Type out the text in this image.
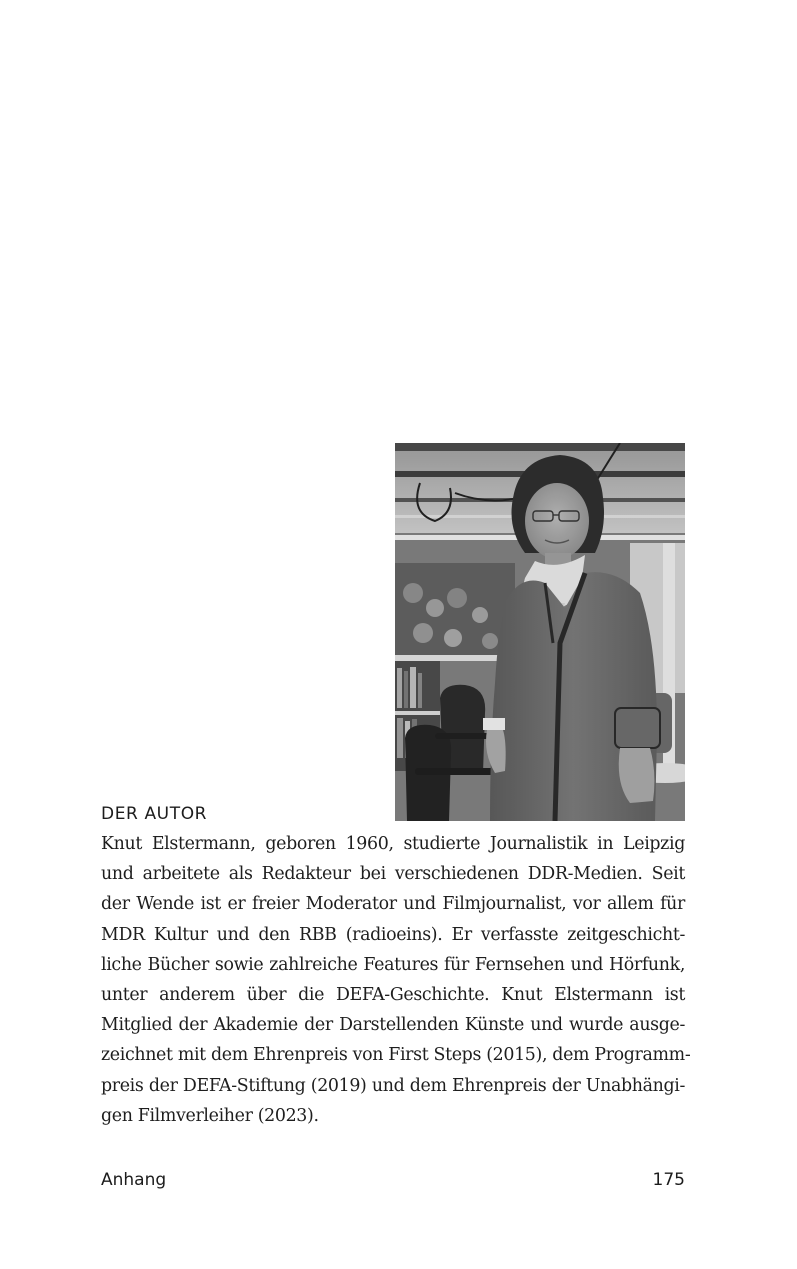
DER AUTOR
Knut Elstermann, geboren 1960, studierte Journalistik in Leipzig
und arbeitete als Redakteur bei verschiedenen DDR-Medien. Seit
der Wende ist er freier Moderator und Filmjournalist, vor allem für
MDR Kultur und den RBB (radioeins). Er verfasste zeitgeschicht-
liche Bücher sowie zahlreiche Features für Fernsehen und Hörfunk,
unter anderem über die DEFA-Geschichte. Knut Elstermann ist
Mitglied der Akademie der Darstellenden Künste und wurde ausge-
zeichnet mit dem Ehrenpreis von First Steps (2015), dem Programm-
preis der DEFA-Stiftung (2019) und dem Ehrenpreis der Unabhängi-
gen Filmverleiher (2023).
Anhang	175
